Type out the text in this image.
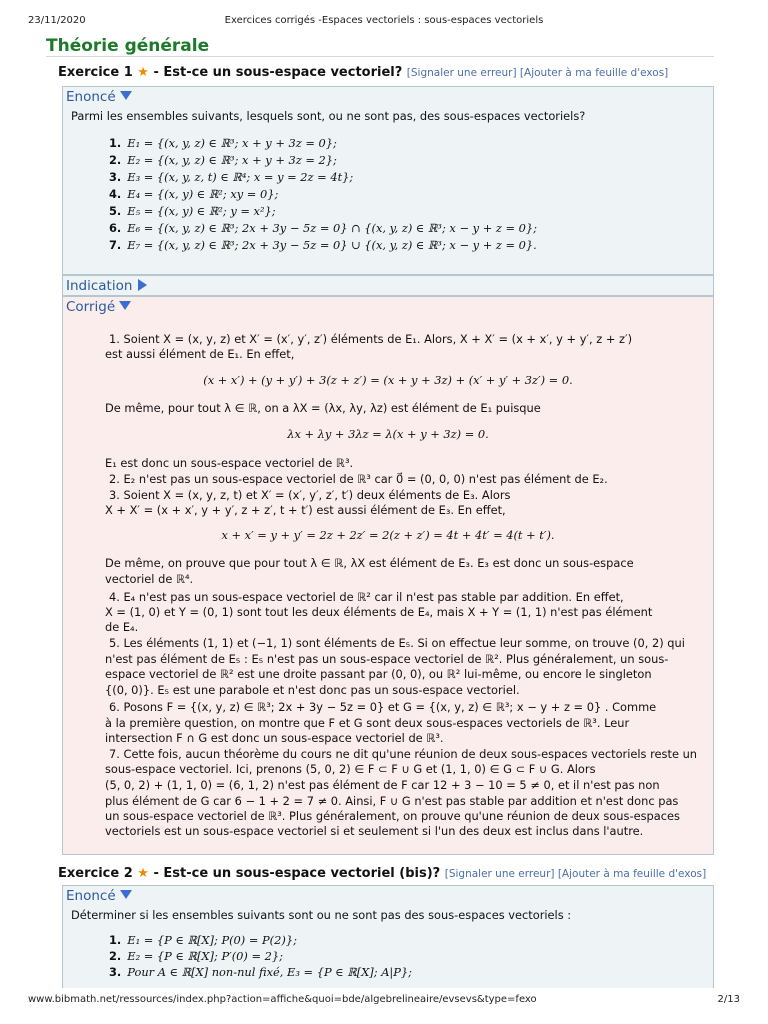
23/11/2020	Exercices corrigés -Espaces vectoriels : sous-espaces vectoriels
Théorie générale
Exercice 1 ★ - Est-ce un sous-espace vectoriel? [Signaler une erreur] [Ajouter à ma feuille d'exos]
Enoncé
Parmi les ensembles suivants, lesquels sont, ou ne sont pas, des sous-espaces vectoriels?
1. E₁ = {(x, y, z) ∈ ℝ³; x + y + 3z = 0};
2. E₂ = {(x, y, z) ∈ ℝ³; x + y + 3z = 2};
3. E₃ = {(x, y, z, t) ∈ ℝ⁴; x = y = 2z = 4t};
4. E₄ = {(x, y) ∈ ℝ²; xy = 0};
5. E₅ = {(x, y) ∈ ℝ²; y = x²};
6. E₆ = {(x, y, z) ∈ ℝ³; 2x + 3y − 5z = 0} ∩ {(x, y, z) ∈ ℝ³; x − y + z = 0};
7. E₇ = {(x, y, z) ∈ ℝ³; 2x + 3y − 5z = 0} ∪ {(x, y, z) ∈ ℝ³; x − y + z = 0}.
Indication
Corrigé
1. Soient X = (x, y, z) et X′ = (x′, y′, z′) éléments de E₁. Alors, X + X′ = (x + x′, y + y′, z + z′)
est aussi élément de E₁. En effet,
(x + x′) + (y + y′) + 3(z + z′) = (x + y + 3z) + (x′ + y′ + 3z′) = 0.
De même, pour tout λ ∈ ℝ, on a λX = (λx, λy, λz) est élément de E₁ puisque
λx + λy + 3λz = λ(x + y + 3z) = 0.
E₁ est donc un sous-espace vectoriel de ℝ³.
2. E₂ n'est pas un sous-espace vectoriel de ℝ³ car 0⃗ = (0, 0, 0) n'est pas élément de E₂.
3. Soient X = (x, y, z, t) et X′ = (x′, y′, z′, t′) deux éléments de E₃. Alors
X + X′ = (x + x′, y + y′, z + z′, t + t′) est aussi élément de E₃. En effet,
x + x′ = y + y′ = 2z + 2z′ = 2(z + z′) = 4t + 4t′ = 4(t + t′).
De même, on prouve que pour tout λ ∈ ℝ, λX est élément de E₃. E₃ est donc un sous-espace
vectoriel de ℝ⁴.
4. E₄ n'est pas un sous-espace vectoriel de ℝ² car il n'est pas stable par addition. En effet,
X = (1, 0) et Y = (0, 1) sont tout les deux éléments de E₄, mais X + Y = (1, 1) n'est pas élément
de E₄.
5. Les éléments (1, 1) et (−1, 1) sont éléments de E₅. Si on effectue leur somme, on trouve (0, 2) qui
n'est pas élément de E₅ : E₅ n'est pas un sous-espace vectoriel de ℝ². Plus généralement, un sous-
espace vectoriel de ℝ² est une droite passant par (0, 0), ou ℝ² lui-même, ou encore le singleton
{(0, 0)}. E₅ est une parabole et n'est donc pas un sous-espace vectoriel.
6. Posons F = {(x, y, z) ∈ ℝ³; 2x + 3y − 5z = 0} et G = {(x, y, z) ∈ ℝ³; x − y + z = 0} . Comme
à la première question, on montre que F et G sont deux sous-espaces vectoriels de ℝ³. Leur
intersection F ∩ G est donc un sous-espace vectoriel de ℝ³.
7. Cette fois, aucun théorème du cours ne dit qu'une réunion de deux sous-espaces vectoriels reste un
sous-espace vectoriel. Ici, prenons (5, 0, 2) ∈ F ⊂ F ∪ G et (1, 1, 0) ∈ G ⊂ F ∪ G. Alors
(5, 0, 2) + (1, 1, 0) = (6, 1, 2) n'est pas élément de F car 12 + 3 − 10 = 5 ≠ 0, et il n'est pas non
plus élément de G car 6 − 1 + 2 = 7 ≠ 0. Ainsi, F ∪ G n'est pas stable par addition et n'est donc pas
un sous-espace vectoriel de ℝ³. Plus généralement, on prouve qu'une réunion de deux sous-espaces
vectoriels est un sous-espace vectoriel si et seulement si l'un des deux est inclus dans l'autre.
Exercice 2 ★ - Est-ce un sous-espace vectoriel (bis)? [Signaler une erreur] [Ajouter à ma feuille d'exos]
Enoncé
Déterminer si les ensembles suivants sont ou ne sont pas des sous-espaces vectoriels :
1. E₁ = {P ∈ ℝ[X]; P(0) = P(2)};
2. E₂ = {P ∈ ℝ[X]; P′(0) = 2};
3. Pour A ∈ ℝ[X] non-nul fixé, E₃ = {P ∈ ℝ[X]; A|P};
www.bibmath.net/ressources/index.php?action=affiche&quoi=bde/algebrelineaire/evsevs&type=fexo	2/13
